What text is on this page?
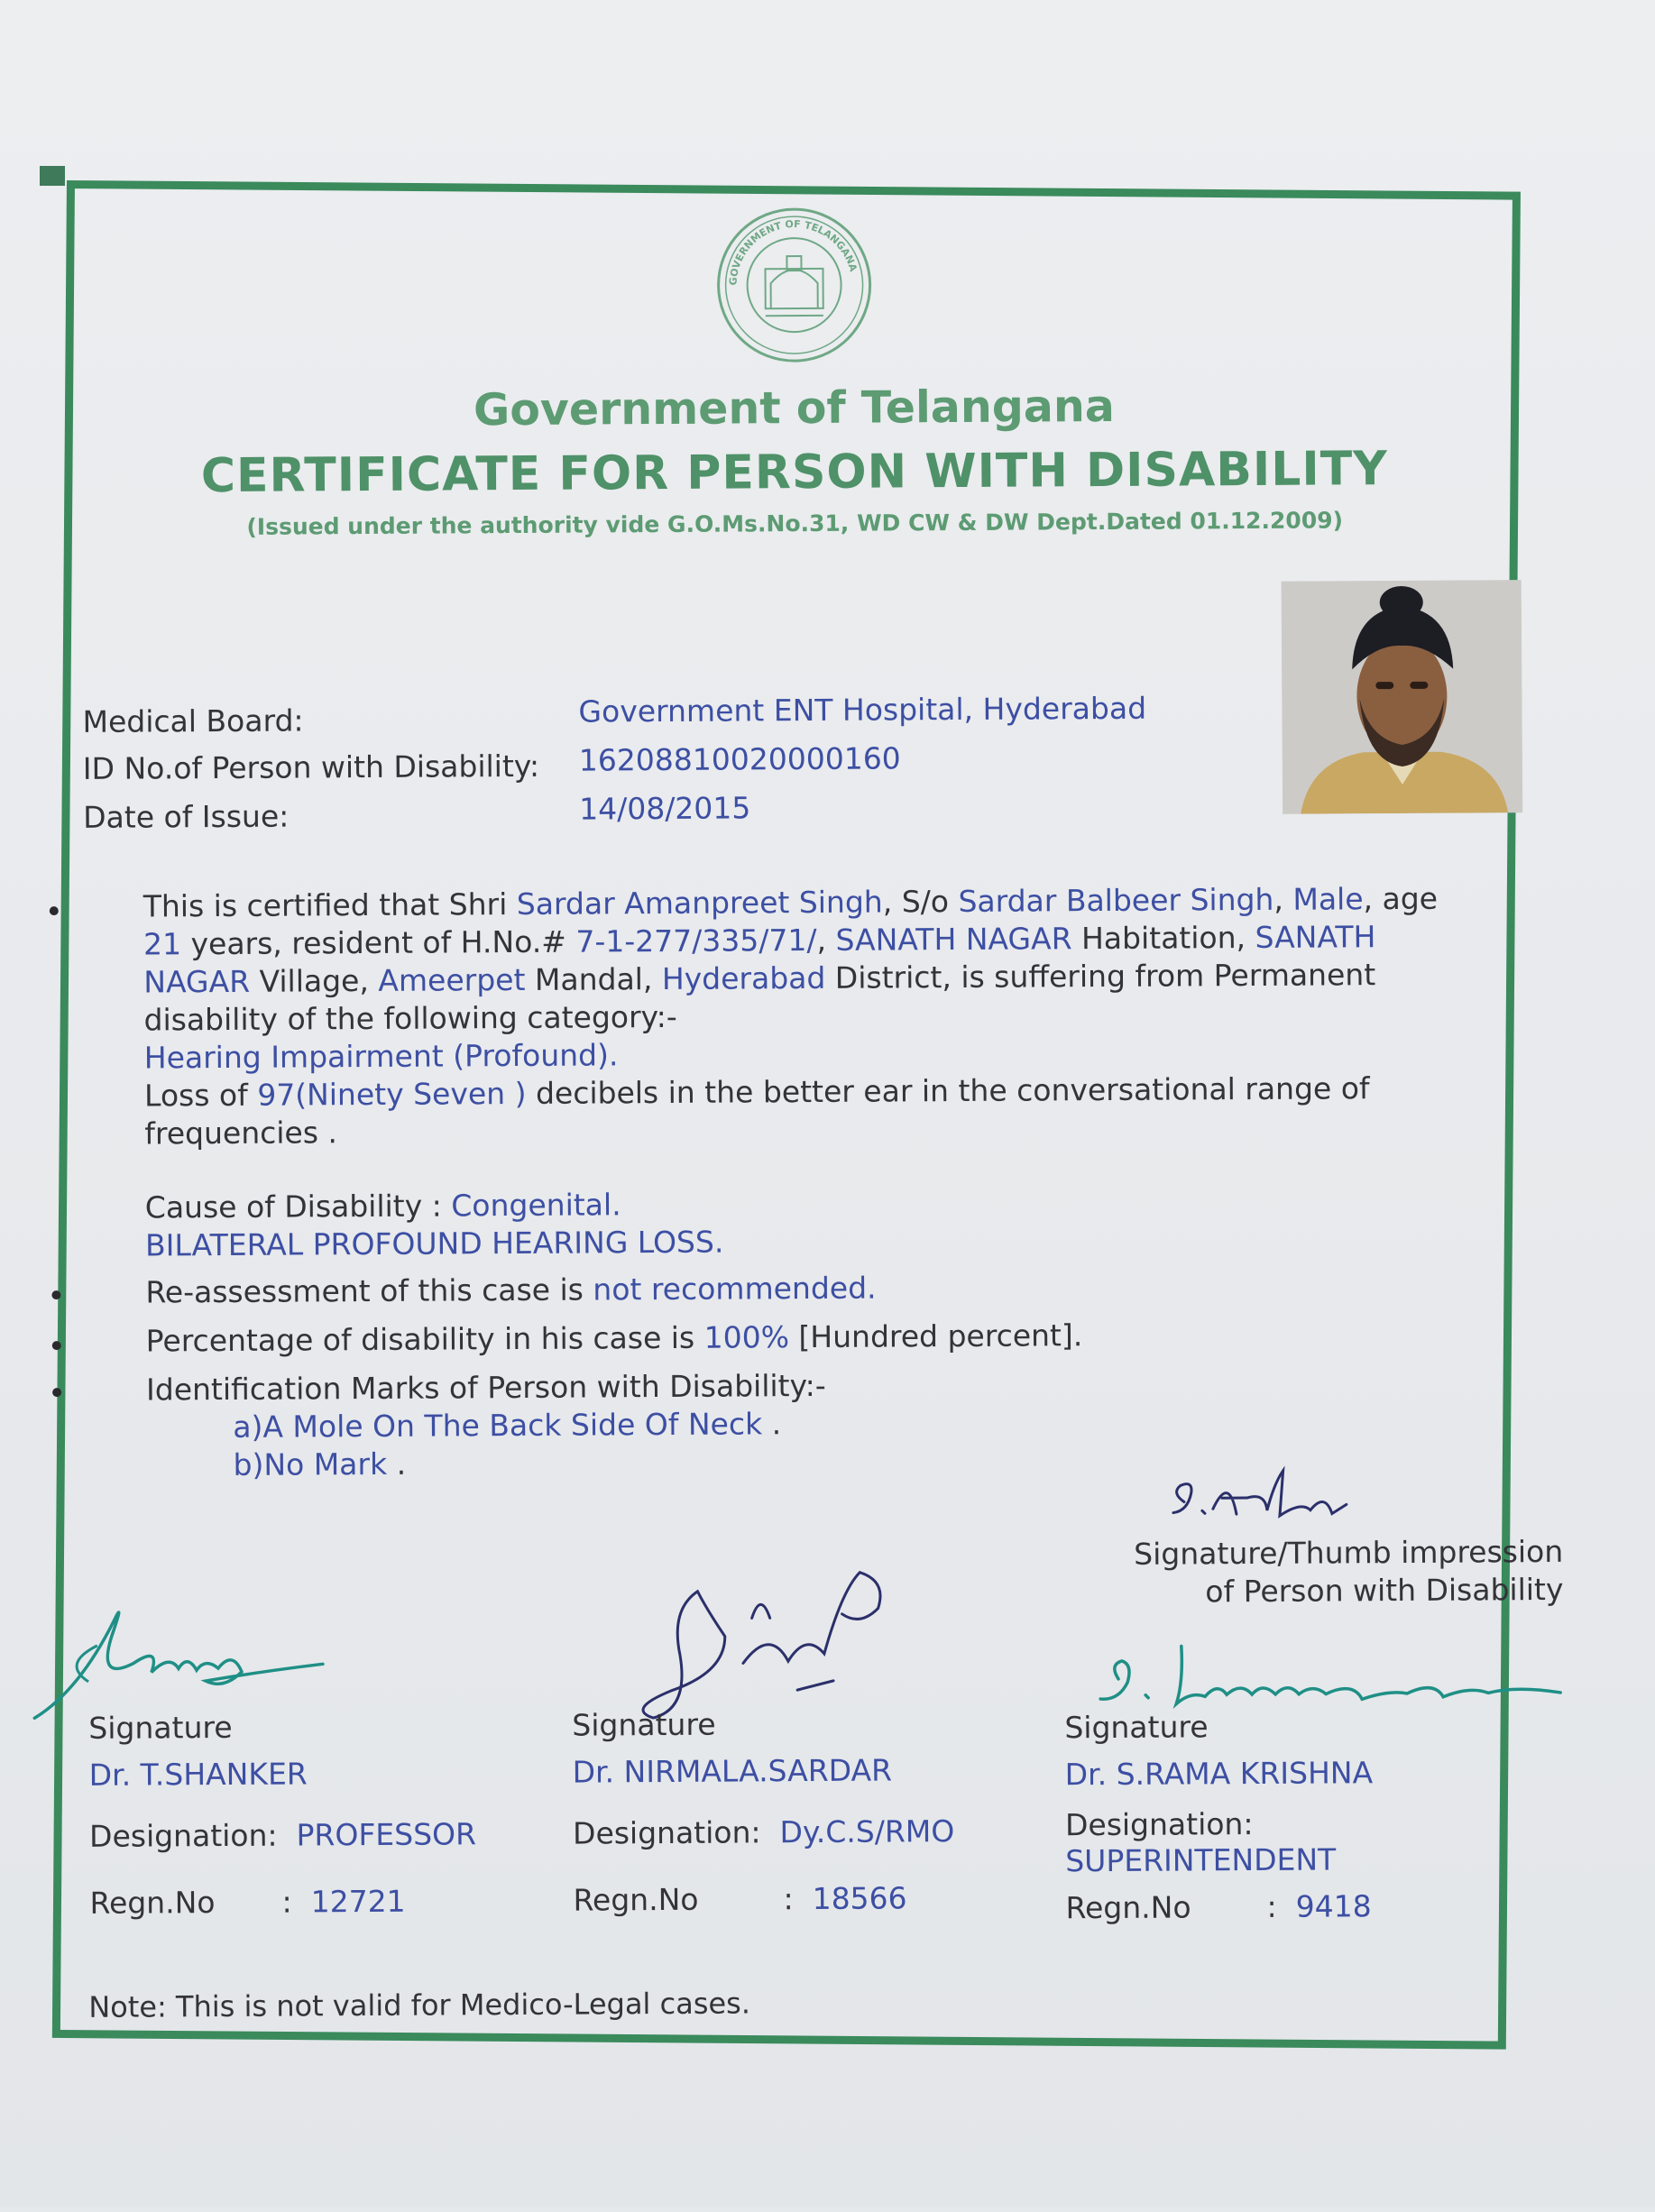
GOVERNMENT OF TELANGANA
Government of Telangana
CERTIFICATE FOR PERSON WITH DISABILITY
(Issued under the authority vide G.O.Ms.No.31, WD CW & DW Dept.Dated 01.12.2009)
Medical Board:	Government ENT Hospital, Hyderabad
ID No.of Person with Disability: 16208810020000160
Date of Issue:	14/08/2015
This is certified that Shri Sardar Amanpreet Singh, S/o Sardar Balbeer Singh, Male, age
21 years, resident of H.No.# 7-1-277/335/71/, SANATH NAGAR Habitation, SANATH
NAGAR Village, Ameerpet Mandal, Hyderabad District, is suffering from Permanent
disability of the following category:-
Hearing Impairment (Profound).
Loss of 97(Ninety Seven ) decibels in the better ear in the conversational range of
frequencies .
Cause of Disability : Congenital.
BILATERAL PROFOUND HEARING LOSS.
Re-assessment of this case is not recommended.
Percentage of disability in his case is 100% [Hundred percent].
Identification Marks of Person with Disability:-
a)A Mole On The Back Side Of Neck .
b)No Mark .
Signature/Thumb impression
of Person with Disability
Signature
Dr. T.SHANKER
Designation: PROFESSOR
Regn.No : 12721
Signature
Dr. NIRMALA.SARDAR
Designation: Dy.C.S/RMO
Regn.No	: 18566
Signature
Dr. S.RAMA KRISHNA
Designation:
SUPERINTENDENT
Regn.No	: 9418
Note: This is not valid for Medico-Legal cases.
